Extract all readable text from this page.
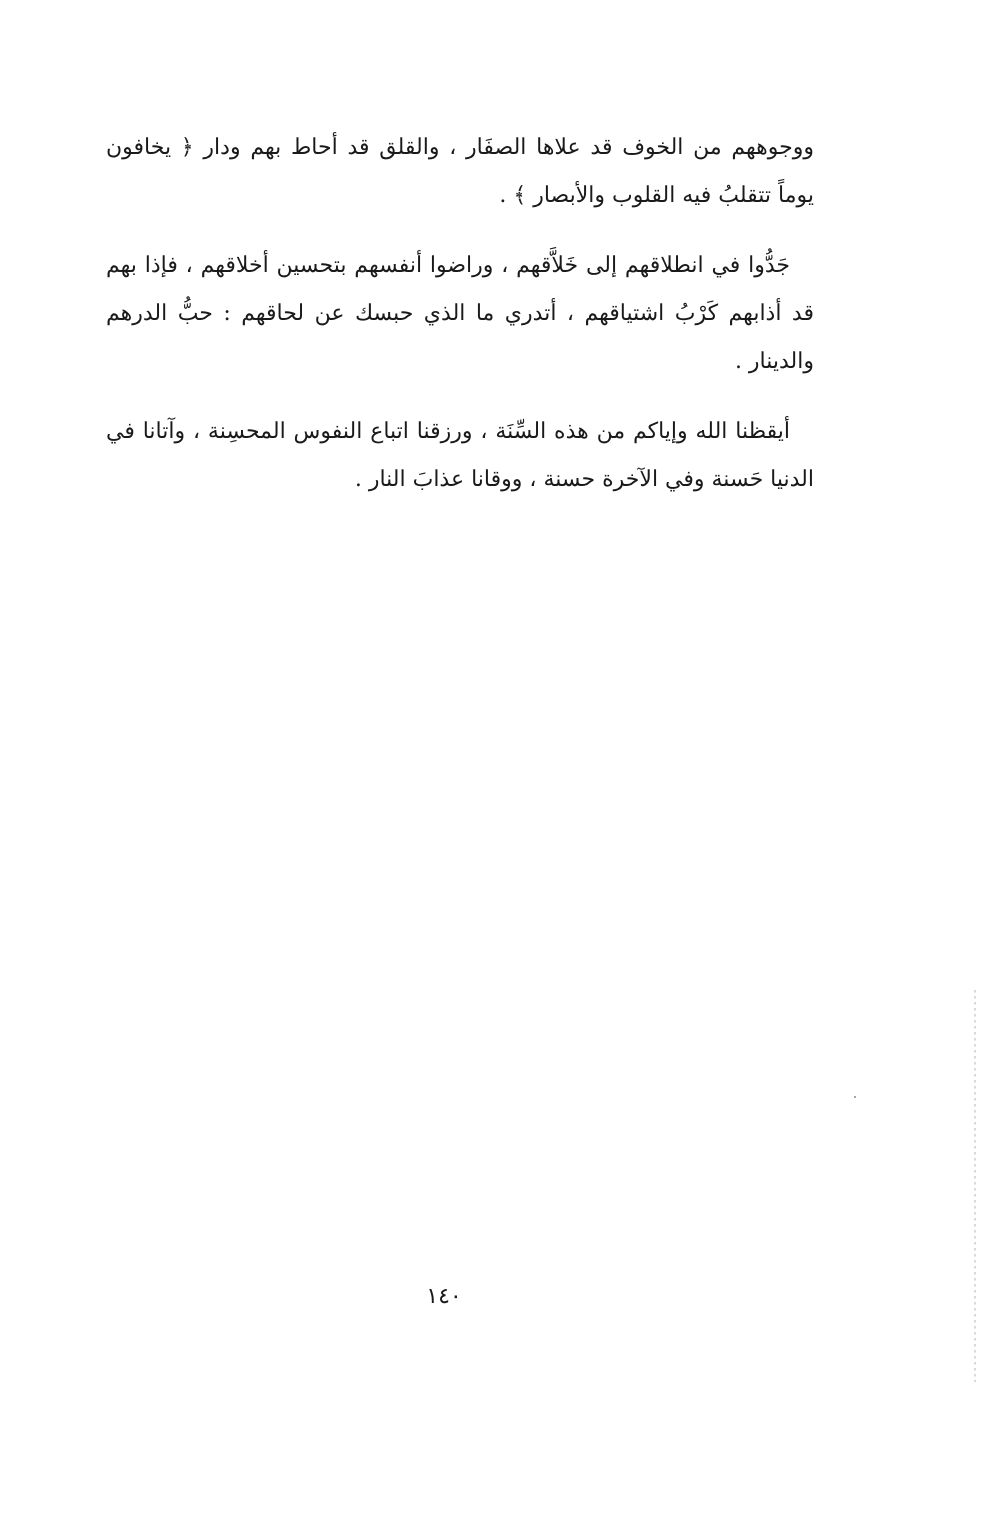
ووجوههم من الخوف قد علاها الصفَار ، والقلق قد أحاط بهم ودار ﴿ يخافون يوماً تتقلبُ فيه القلوب والأبصار ﴾ .

جَدُّوا في انطلاقهم إلى خَلاَّقهم ، وراضوا أنفسهم بتحسين أخلاقهم ، فإذا بهم قد أذابهم كَرْبُ اشتياقهم ، أتدري ما الذي حبسك عن لحاقهم : حبُّ الدرهم والدينار .

أيقظنا الله وإياكم من هذه السِّنَة ، ورزقنا اتباع النفوس المحسِنة ، وآتانا في الدنيا حَسنة وفي الآخرة حسنة ، ووقانا عذابَ النار .

١٤٠
